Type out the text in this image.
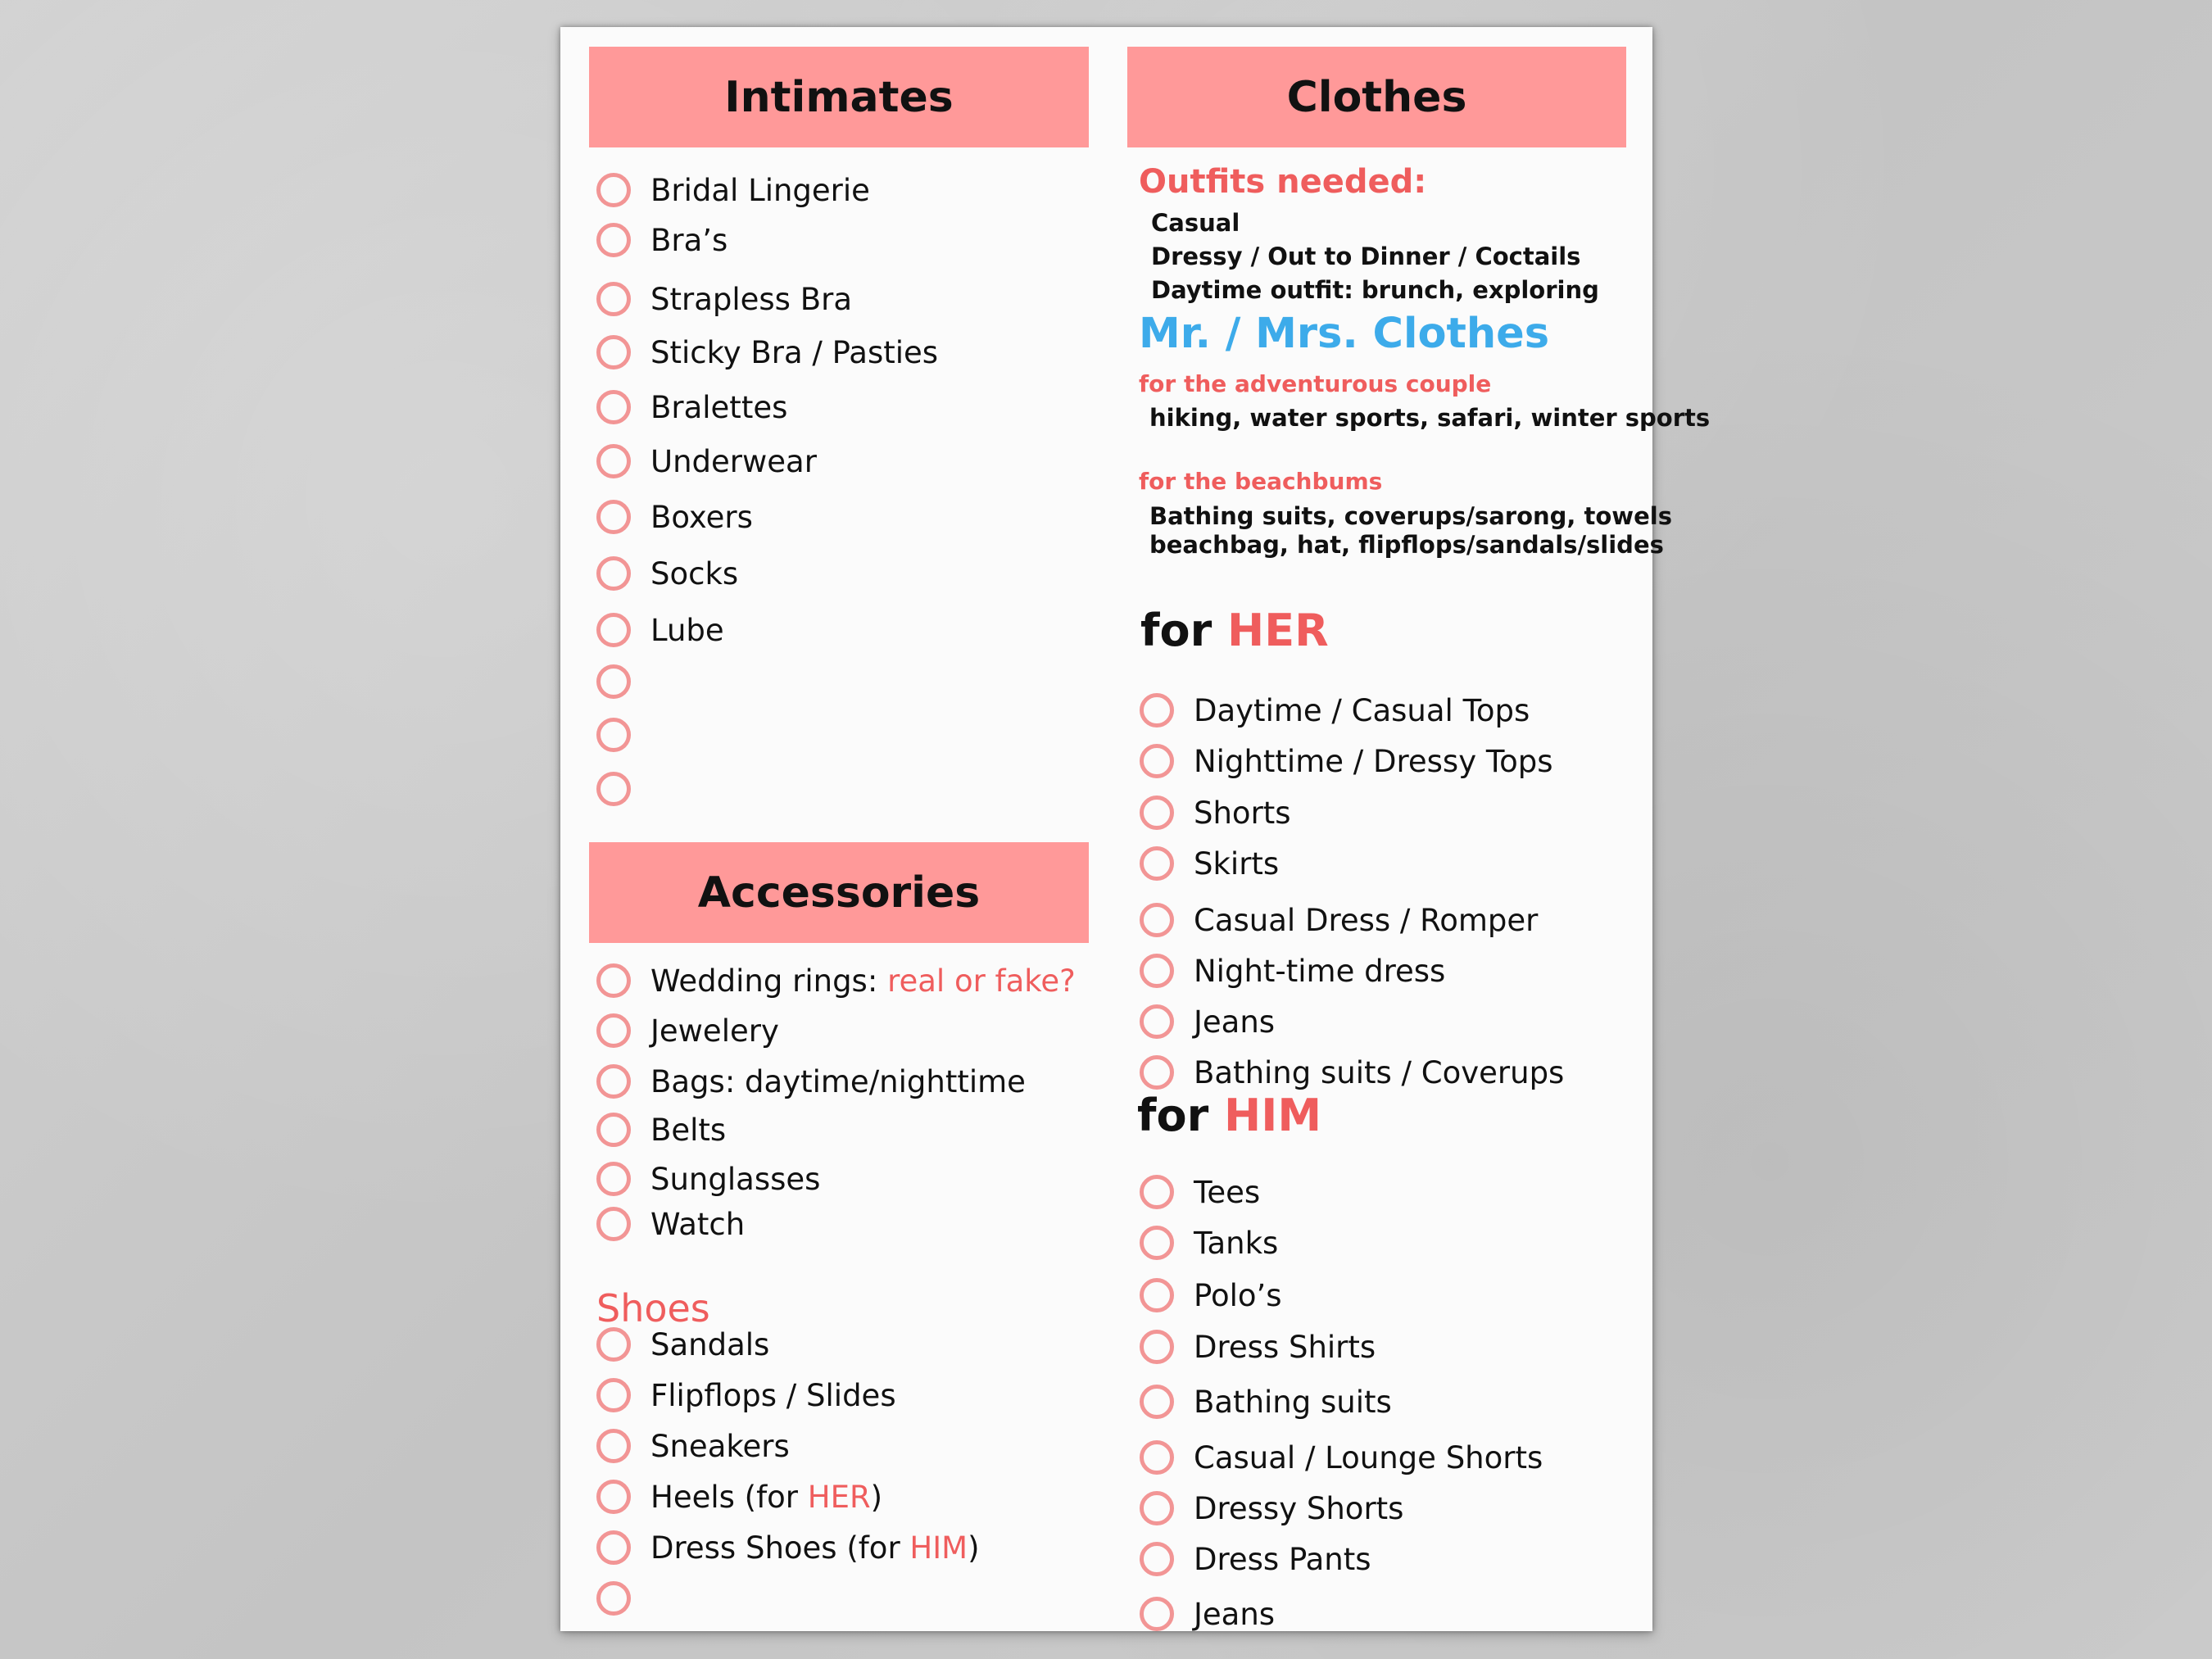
Intimates
Bridal Lingerie
Bra’s
Strapless Bra
Sticky Bra / Pasties
Bralettes
Underwear
Boxers
Socks
Lube
Accessories
Wedding rings: real or fake?
Jewelery
Bags: daytime/nighttime
Belts
Sunglasses
Watch
Shoes
Sandals
Flipflops / Slides
Sneakers
Heels (for HER)
Dress Shoes (for HIM)
Clothes
Outfits needed:
Casual
Dressy / Out to Dinner / Coctails
Daytime outfit: brunch, exploring
Mr. / Mrs. Clothes
for the adventurous couple
hiking, water sports, safari, winter sports
for the beachbums
Bathing suits, coverups/sarong, towels
beachbag, hat, flipflops/sandals/slides
for HER
Daytime / Casual Tops
Nighttime / Dressy Tops
Shorts
Skirts
Casual Dress / Romper
Night-time dress
Jeans
Bathing suits / Coverups
for HIM
Tees
Tanks
Polo’s
Dress Shirts
Bathing suits
Casual / Lounge Shorts
Dressy Shorts
Dress Pants
Jeans
